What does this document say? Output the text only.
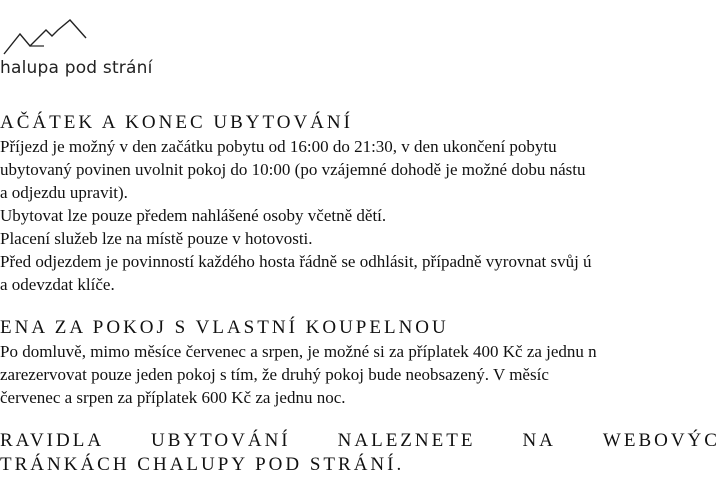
halupa pod strání
AČÁTEK A KONEC UBYTOVÁNÍ
Příjezd je možný v den začátku pobytu od 16:00 do 21:30, v den ukončení pobytu
ubytovaný povinen uvolnit pokoj do 10:00 (po vzájemné dohodě je možné dobu nástu
a odjezdu upravit).
Ubytovat lze pouze předem nahlášené osoby včetně dětí.
Placení služeb lze na místě pouze v hotovosti.
Před odjezdem je povinností každého hosta řádně se odhlásit, případně vyrovnat svůj ú
a odevzdat klíče.
ENA ZA POKOJ S VLASTNÍ KOUPELNOU
Po domluvě, mimo měsíce červenec a srpen, je možné si za příplatek 400 Kč za jednu n
zarezervovat pouze jeden pokoj s tím, že druhý pokoj bude neobsazený. V měsíc
červenec a srpen za příplatek 600 Kč za jednu noc.
RAVIDLA UBYTOVÁNÍ NALEZNETE NA WEBOVÝC
TRÁNKÁCH CHALUPY POD STRÁNÍ.
